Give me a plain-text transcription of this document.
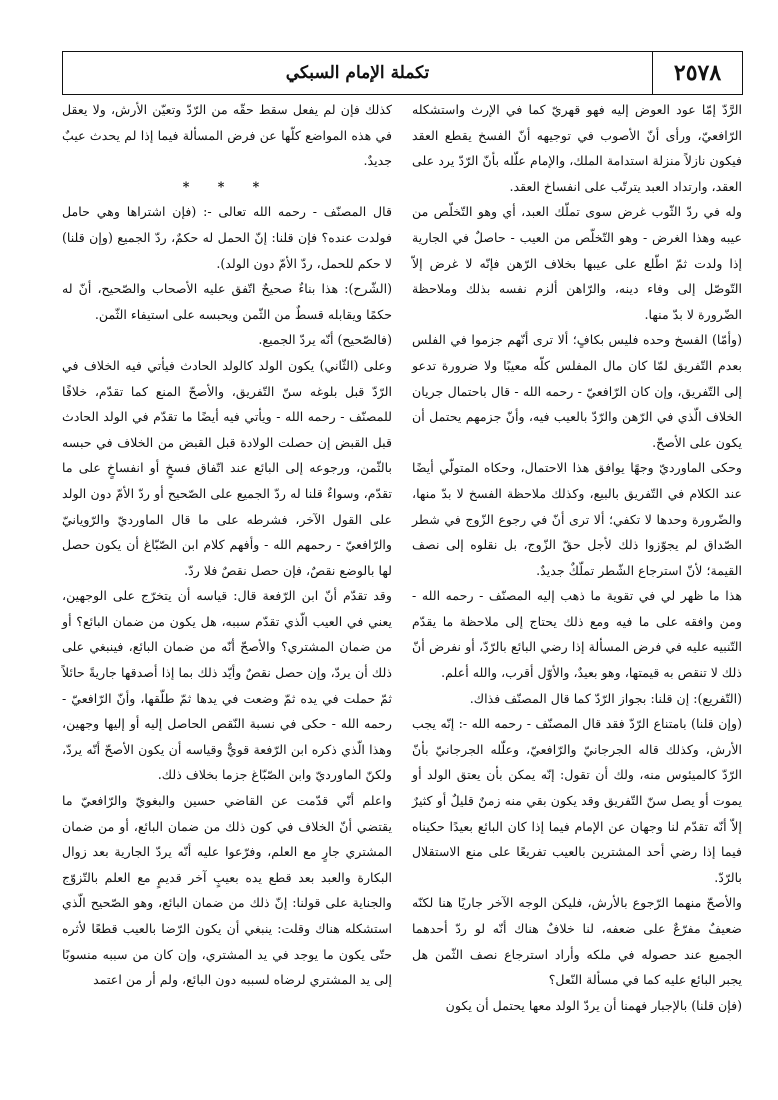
٢٥٧٨
تكملة الإمام السبكي

الرَّدّ إمّا عود العوض إليه فهو قهريّ كما في الإرث واستشكله الرّافعيّ، ورأى أنّ الأصوب في توجيهه أنّ الفسخ يقطع العقد فيكون نازلاً منزلة استدامة الملك، والإمام علّله بأنّ الرّدّ يرد على العقد، وارتداد العبد يترتّب على انفساخ العقد.

وله في ردّ الثّوب غرض سوى تملّك العبد، أي وهو التّخلّص من عيبه وهذا الغرض - وهو التّخلّص من العيب - حاصلٌ في الجارية إذا ولدت ثمّ اطّلع على عيبها بخلاف الرّهن فإنّه لا غرض إلاّ التّوصّل إلى وفاء دينه، والرّاهن ألزم نفسه بذلك وملاحظة الضّرورة لا بدّ منها.

(وأمّا) الفسخ وحده فليس بكافٍ؛ ألا ترى أنّهم جزموا في الفلس بعدم التّفريق لمّا كان مال المفلس كلّه معيبًا ولا ضرورة تدعو إلى التّفريق، وإن كان الرّافعيّ - رحمه الله - قال باحتمال جريان الخلاف الّذي في الرّهن والرّدّ بالعيب فيه، وأنّ جزمهم يحتمل أن يكون على الأصحّ.

وحكى الماورديّ وجهًا يوافق هذا الاحتمال، وحكاه المتولّي أيضًا عند الكلام في التّفريق بالبيع، وكذلك ملاحظة الفسخ لا بدّ منها، والضّرورة وحدها لا تكفي؛ ألا ترى أنّ في رجوع الزّوج في شطر الصّداق لم يجوّزوا ذلك لأجل حقّ الزّوج، بل نقلوه إلى نصف القيمة؛ لأنّ استرجاع الشّطر تملّكٌ جديدٌ.

هذا ما ظهر لي في تقوية ما ذهب إليه المصنّف - رحمه الله - ومن وافقه على ما فيه ومع ذلك يحتاج إلى ملاحظة ما يقدّم التّنبيه عليه في فرض المسألة إذا رضي البائع بالرّدّ، أو نفرض أنّ ذلك لا تنقص به قيمتها، وهو بعيدٌ، والأوّل أقرب، والله أعلم.

(التّفريع): إن قلنا: بجواز الرّدّ كما قال المصنّف فذاك.

(وإن قلنا) بامتناع الرّدّ فقد قال المصنّف - رحمه الله -: إنّه يجب الأرش، وكذلك قاله الجرجانيّ والرّافعيّ، وعلّله الجرجانيّ بأنّ الرّدّ كالميئوس منه، ولك أن تقول: إنّه يمكن بأن يعتق الولد أو يموت أو يصل سنّ التّفريق وقد يكون بقي منه زمنٌ قليلٌ أو كثيرٌ إلاّ أنّه تقدّم لنا وجهان عن الإمام فيما إذا كان البائع بعيدًا حكيناه فيما إذا رضي أحد المشترين بالعيب تفريعًا على منع الاستقلال بالرّدّ.

والأصحّ منهما الرّجوع بالأرش، فليكن الوجه الآخر جاريًا هنا لكنّه ضعيفٌ مفرّعٌ على ضعفه، لنا خلافٌ هناك أنّه لو ردّ أحدهما الجميع عند حصوله في ملكه وأراد استرجاع نصف الثّمن هل يجبر البائع عليه كما في مسألة النّعل؟

(فإن قلنا) بالإجبار فهمنا أن يردّ الولد معها يحتمل أن يكون

كذلك فإن لم يفعل سقط حقّه من الرّدّ وتعيّن الأرش، ولا يعقل في هذه المواضع كلّها عن فرض المسألة فيما إذا لم يحدث عيبٌ جديدٌ.

* * *

قال المصنّف - رحمه الله تعالى -: (فإن اشتراها وهي حامل فولدت عنده؟ فإن قلنا: إنّ الحمل له حكمٌ، ردّ الجميع (وإن قلنا) لا حكم للحمل، ردّ الأمّ دون الولد).

(الشّرح): هذا بناءٌ صحيحٌ اتّفق عليه الأصحاب والصّحيح، أنّ له حكمًا ويقابله قسطٌ من الثّمن ويحبسه على استيفاء الثّمن.

(فالصّحيح) أنّه يردّ الجميع.

وعلى (الثّاني) يكون الولد كالولد الحادث فيأتي فيه الخلاف في الرّدّ قبل بلوغه سنّ التّفريق، والأصحّ المنع كما تقدّم، خلافًا للمصنّف - رحمه الله - ويأتي فيه أيضًا ما تقدّم في الولد الحادث قبل القبض إن حصلت الولادة قبل القبض من الخلاف في حبسه بالثّمن، ورجوعه إلى البائع عند اتّفاق فسخٍ أو انفساخٍ على ما تقدّم، وسواءٌ قلنا له ردّ الجميع على الصّحيح أو ردّ الأمّ دون الولد على القول الآخر، فشرطه على ما قال الماورديّ والرّويانيّ والرّافعيّ - رحمهم الله - وأفهم كلام ابن الصّبّاغ أن يكون حصل لها بالوضع نقصٌ، فإن حصل نقصٌ فلا ردّ.

وقد تقدّم أنّ ابن الرّفعة قال: قياسه أن يتخرّج على الوجهين، يعني في العيب الّذي تقدّم سببه، هل يكون من ضمان البائع؟ أو من ضمان المشتري؟ والأصحّ أنّه من ضمان البائع، فينبغي على ذلك أن يردّ، وإن حصل نقصٌ وأيّد ذلك بما إذا أصدقها جاريةً حائلاً ثمّ حملت في يده ثمّ وضعت في يدها ثمّ طلّقها، وأنّ الرّافعيّ - رحمه الله - حكى في نسبة النّقص الحاصل إليه أو إليها وجهين، وهذا الّذي ذكره ابن الرّفعة قويٌّ وقياسه أن يكون الأصحّ أنّه يردّ، ولكنّ الماورديّ وابن الصّبّاغ جزما بخلاف ذلك.

واعلم أنّي قدّمت عن القاضي حسين والبغويّ والرّافعيّ ما يقتضي أنّ الخلاف في كون ذلك من ضمان البائع، أو من ضمان المشتري جارٍ مع العلم، وفرّعوا عليه أنّه يردّ الجارية بعد زوال البكارة والعبد بعد قطع يده بعيبٍ آخر قديمٍ مع العلم بالتّزوّج والجناية على قولنا: إنّ ذلك من ضمان البائع، وهو الصّحيح الّذي استشكله هناك وقلت: ينبغي أن يكون الرّضا بالعيب قطعًا لأثره حتّى يكون ما يوجد في يد المشتري، وإن كان من سببه منسوبًا إلى يد المشتري لرضاه لسببه دون البائع، ولم أر من اعتمد
